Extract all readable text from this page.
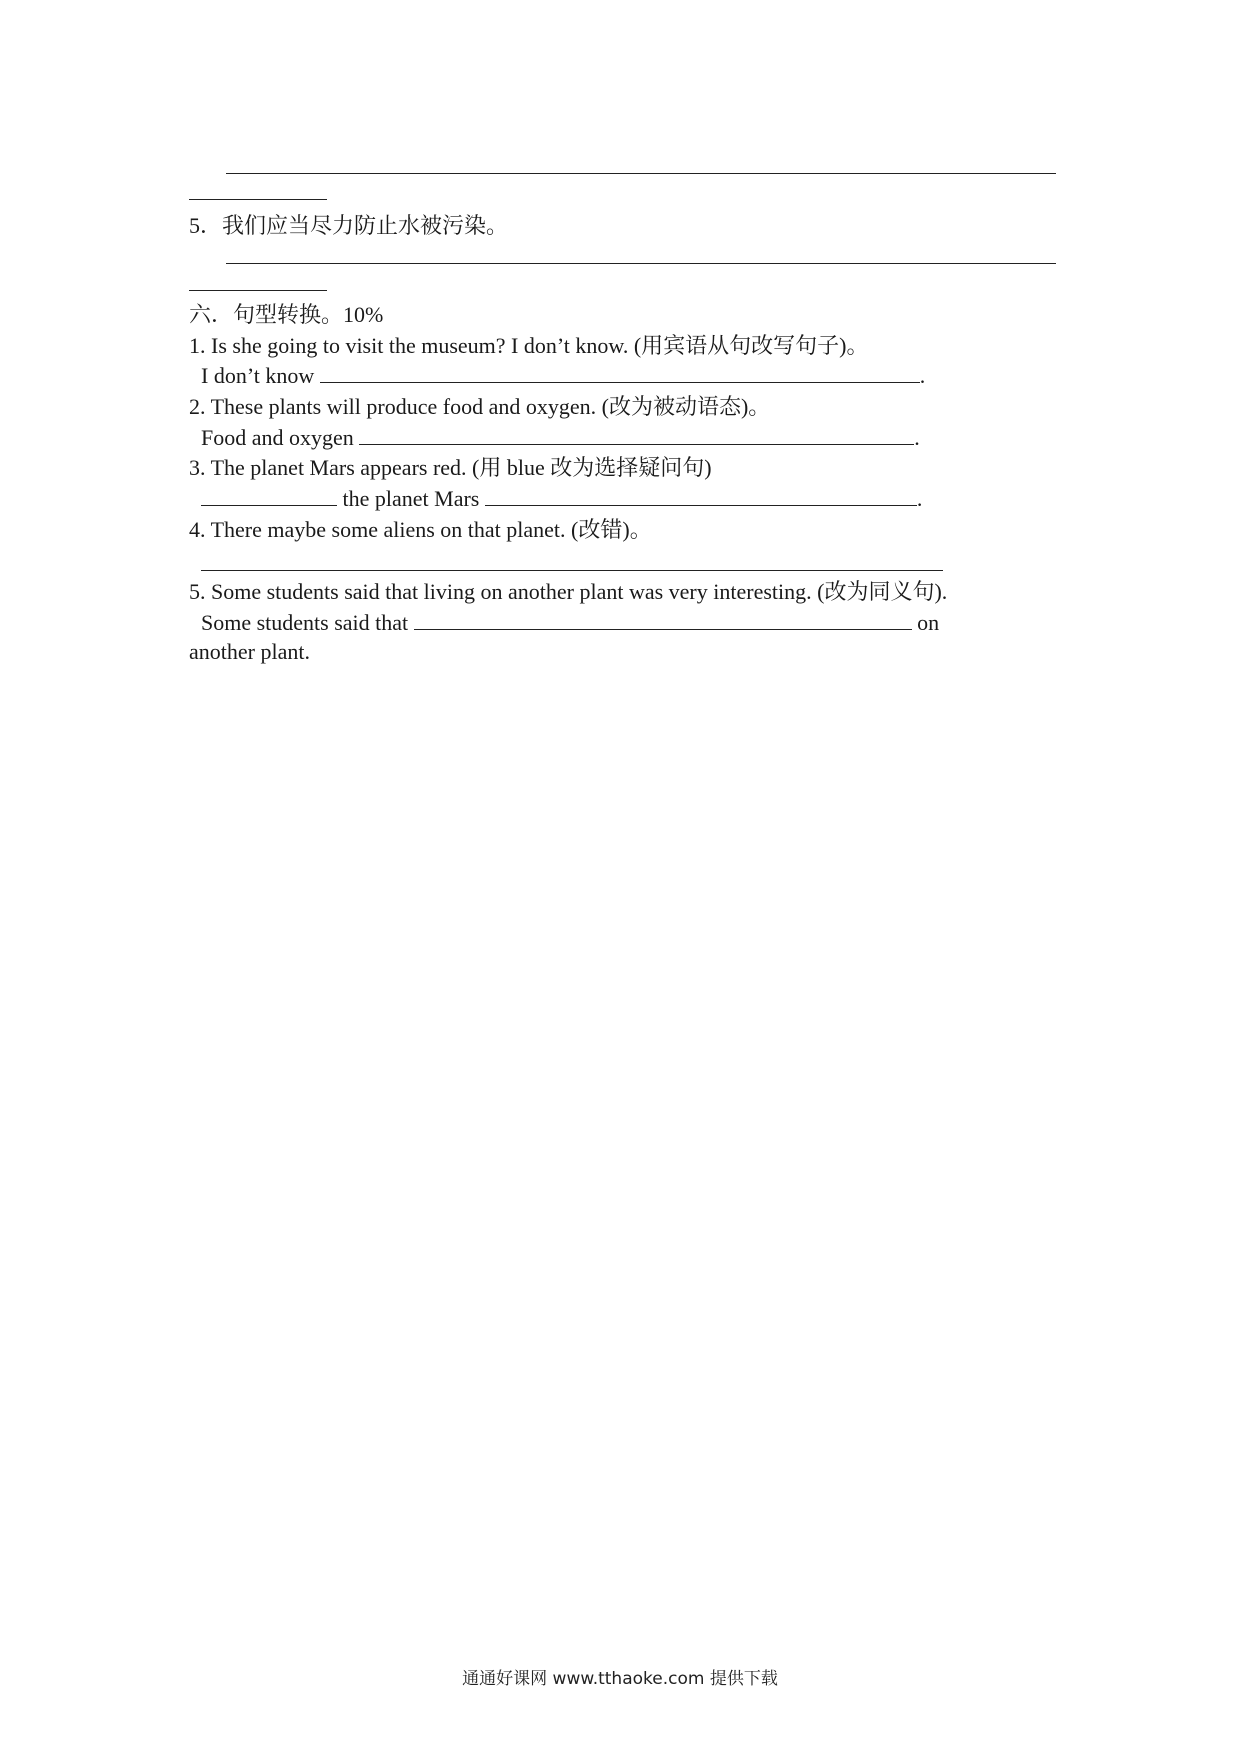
5．我们应当尽力防止水被污染。
六．句型转换。10%
1. Is she going to visit the museum? I don’t know. (用宾语从句改写句子)。
I don’t know	.
2. These plants will produce food and oxygen. (改为被动语态)。
Food and oxygen	.
3. The planet Mars appears red. (用 blue 改为选择疑问句)
the planet Mars	.
4. There maybe some aliens on that planet. (改错)。
5. Some students said that living on another plant was very interesting. (改为同义句).
Some students said that	on
another plant.
通通好课网 www.tthaoke.com 提供下载
